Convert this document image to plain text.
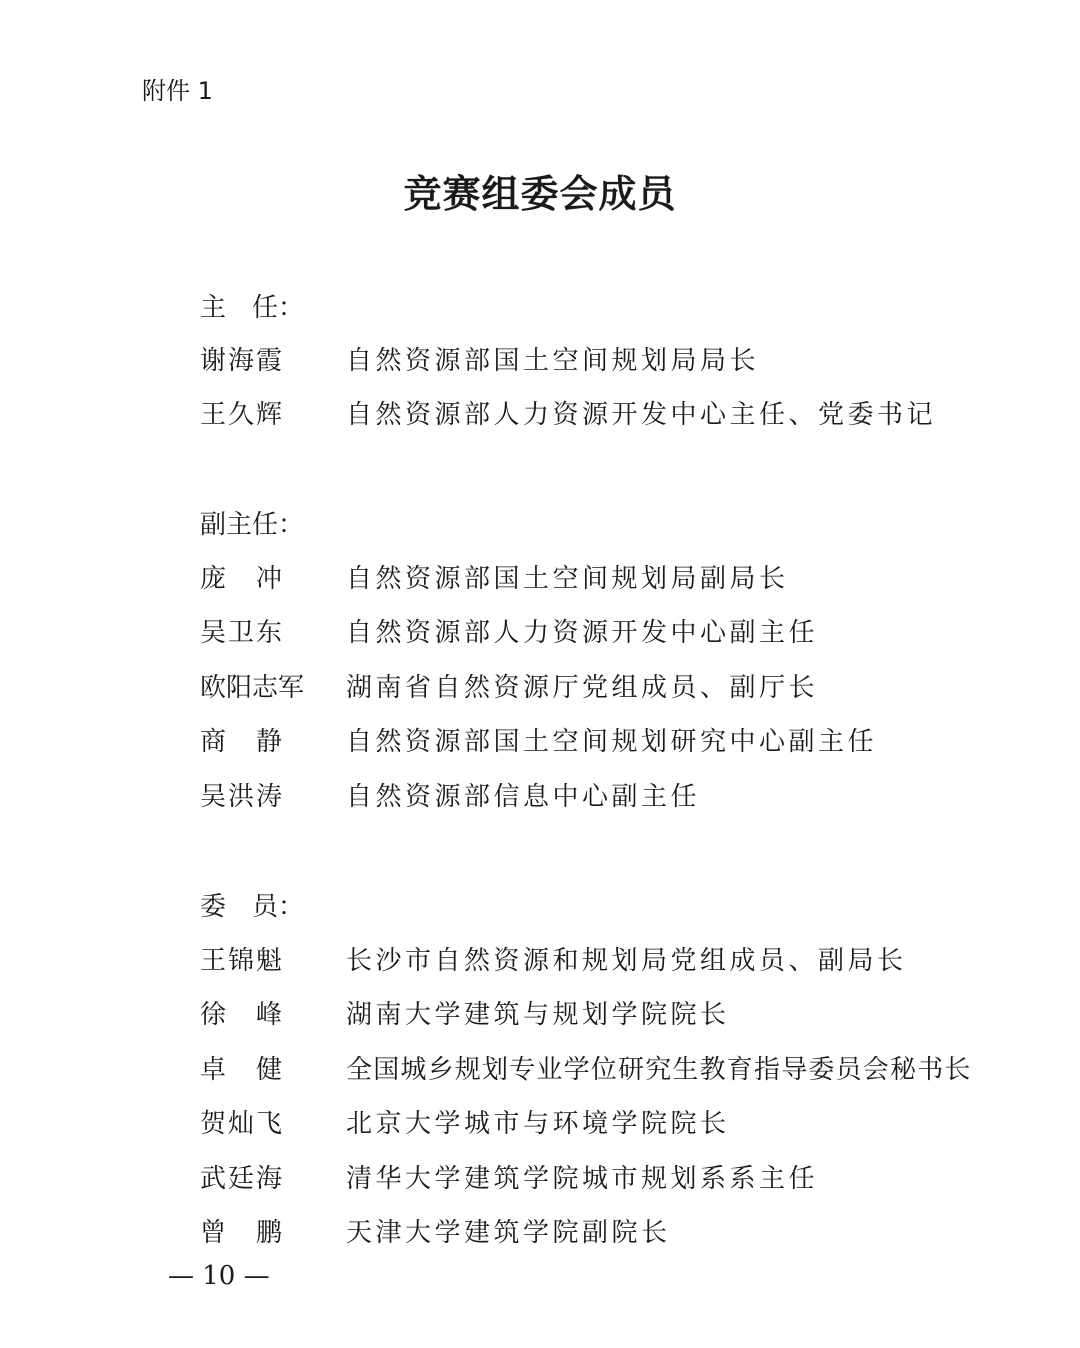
附件 1
竞赛组委会成员
主　任：
谢海霞	自然资源部国土空间规划局局长
王久辉	自然资源部人力资源开发中心主任、党委书记
副主任：
庞　冲	自然资源部国土空间规划局副局长
吴卫东	自然资源部人力资源开发中心副主任
欧阳志军	湖南省自然资源厅党组成员、副厅长
商　静	自然资源部国土空间规划研究中心副主任
吴洪涛	自然资源部信息中心副主任
委　员：
王锦魁	长沙市自然资源和规划局党组成员、副局长
徐　峰	湖南大学建筑与规划学院院长
卓　健	全国城乡规划专业学位研究生教育指导委员会秘书长
贺灿飞	北京大学城市与环境学院院长
武廷海	清华大学建筑学院城市规划系系主任
曾　鹏	天津大学建筑学院副院长
— 10 —
